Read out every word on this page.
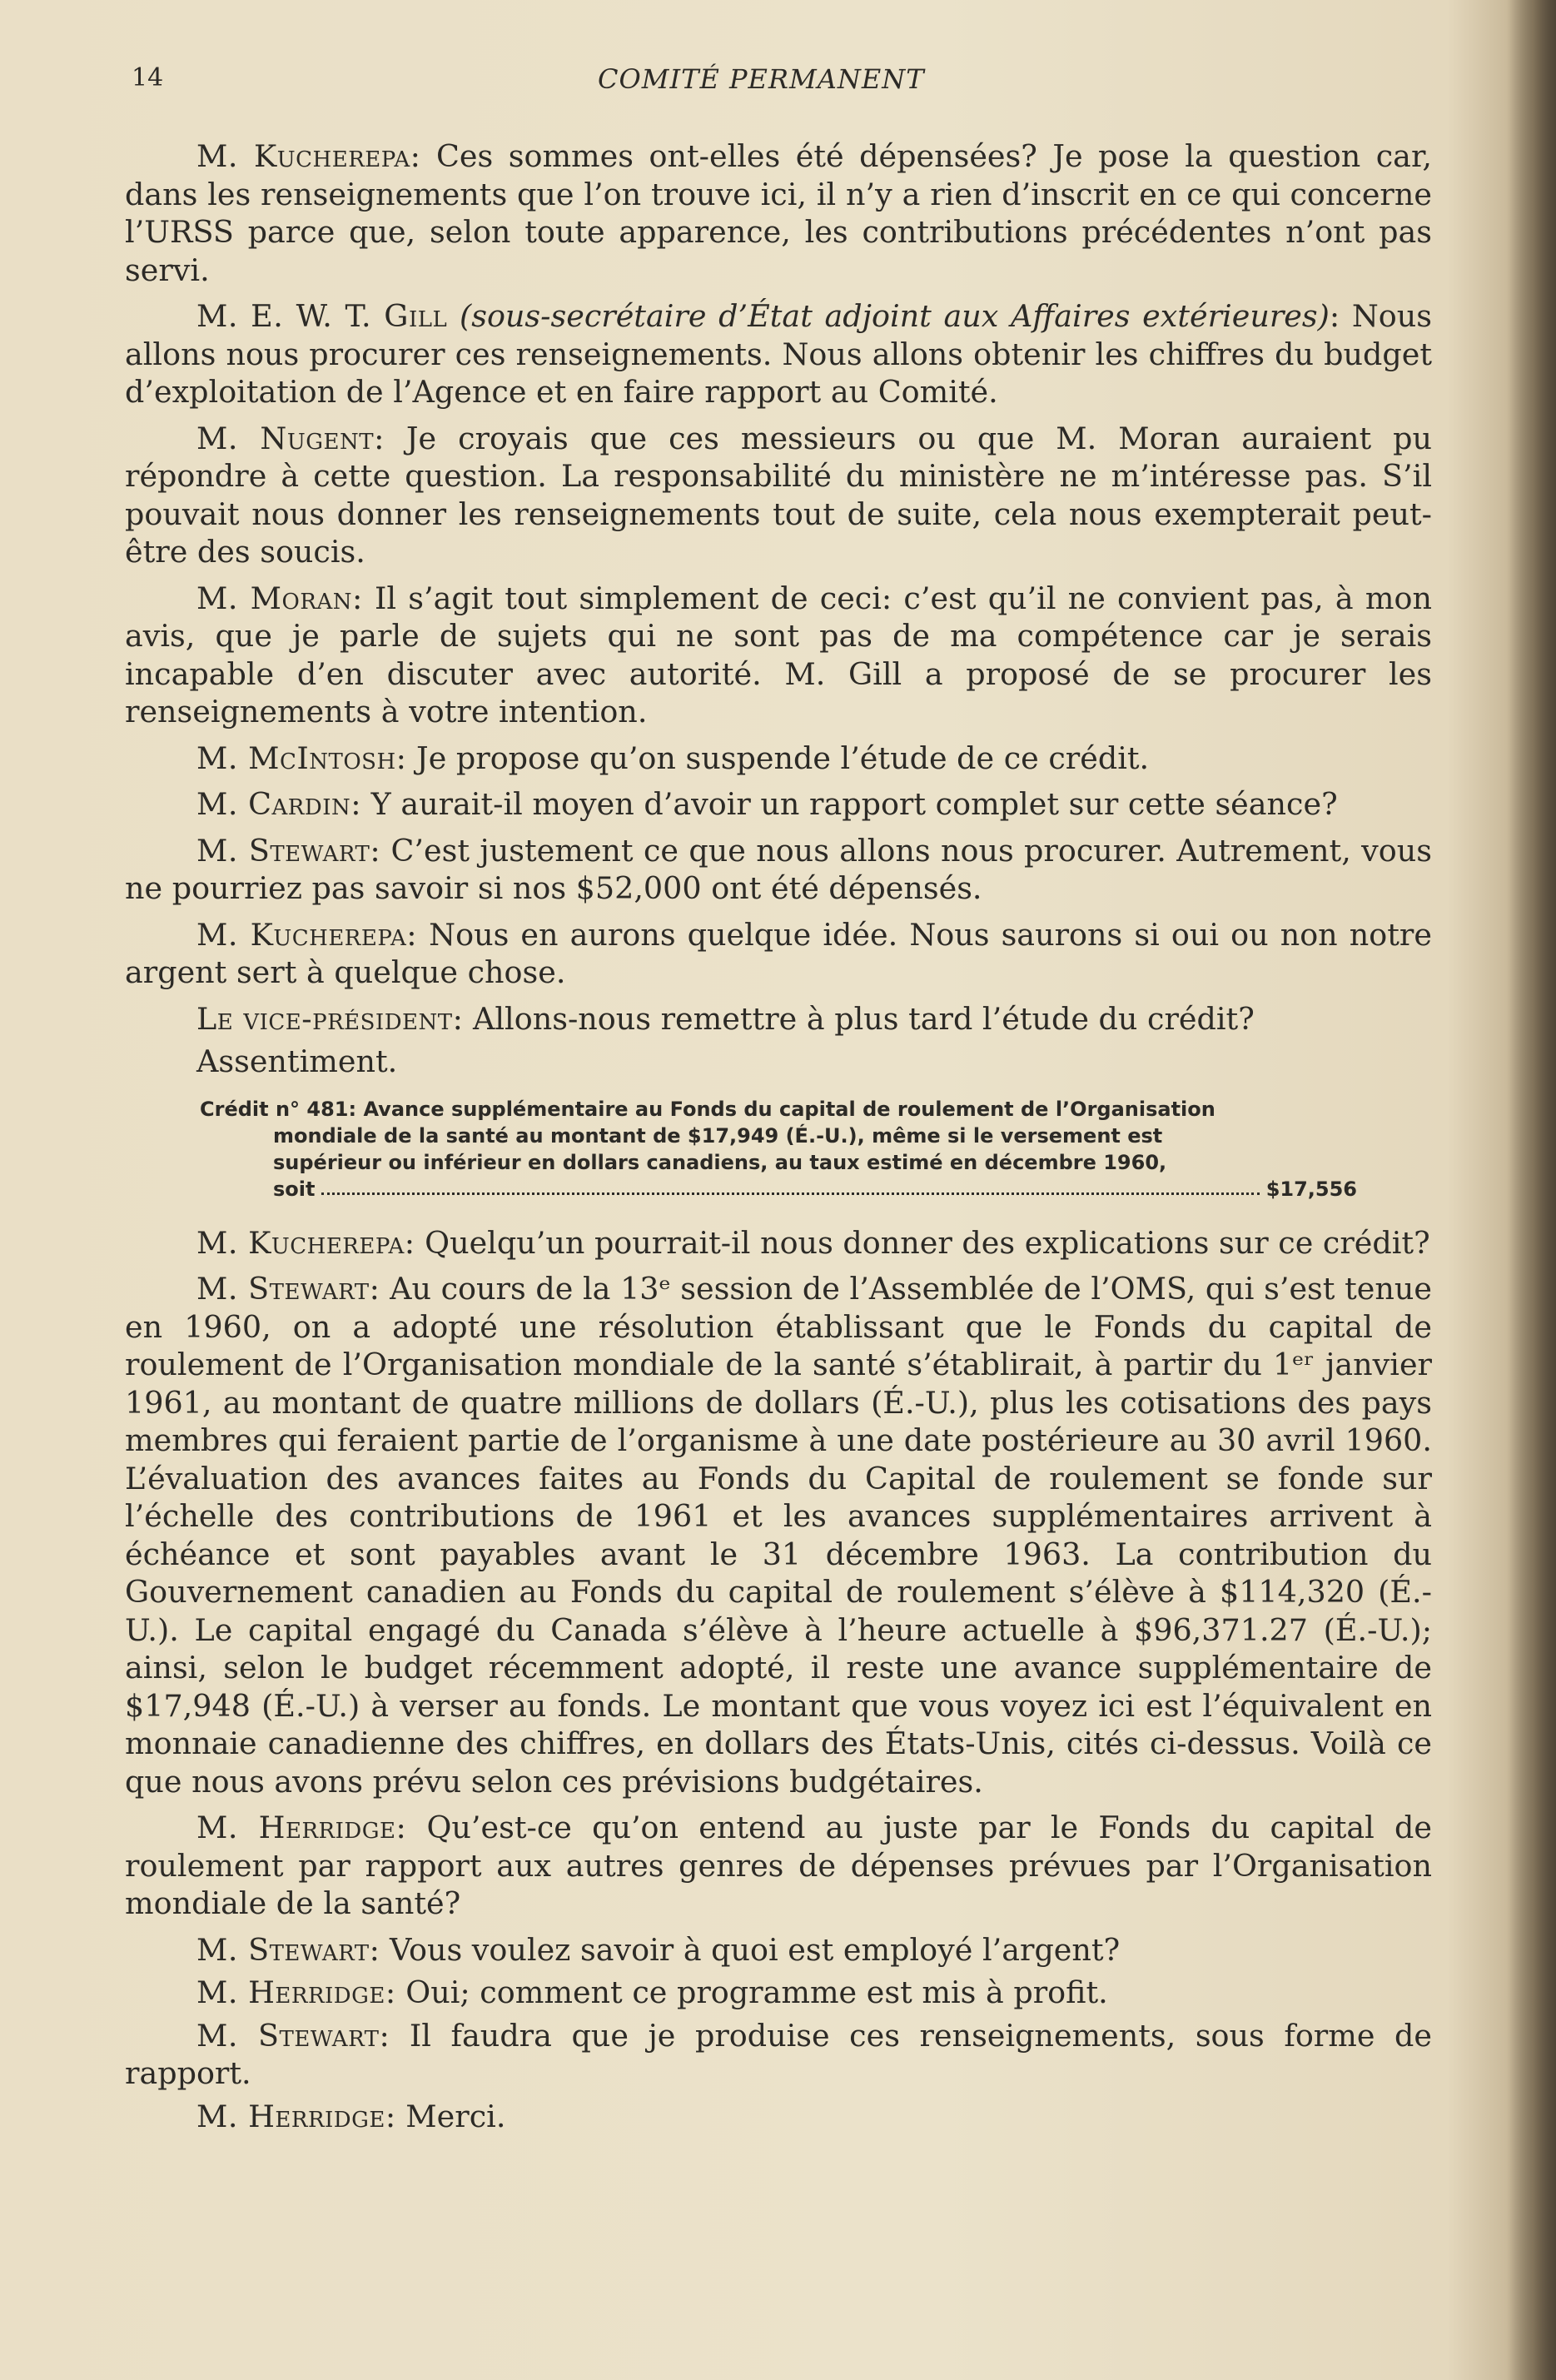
14	COMITÉ PERMANENT

M. Kucherepa: Ces sommes ont-elles été dépensées? Je pose la question car, dans les renseignements que l’on trouve ici, il n’y a rien d’inscrit en ce qui concerne l’URSS parce que, selon toute apparence, les contributions précédentes n’ont pas servi.

M. E. W. T. Gill (sous-secrétaire d’État adjoint aux Affaires extérieures): Nous allons nous procurer ces renseignements. Nous allons obtenir les chiffres du budget d’exploitation de l’Agence et en faire rapport au Comité.

M. Nugent: Je croyais que ces messieurs ou que M. Moran auraient pu répondre à cette question. La responsabilité du ministère ne m’intéresse pas. S’il pouvait nous donner les renseignements tout de suite, cela nous exempterait peut-être des soucis.

M. Moran: Il s’agit tout simplement de ceci: c’est qu’il ne convient pas, à mon avis, que je parle de sujets qui ne sont pas de ma compétence car je serais incapable d’en discuter avec autorité. M. Gill a proposé de se procurer les renseignements à votre intention.

M. McIntosh: Je propose qu’on suspende l’étude de ce crédit.

M. Cardin: Y aurait-il moyen d’avoir un rapport complet sur cette séance?

M. Stewart: C’est justement ce que nous allons nous procurer. Autrement, vous ne pourriez pas savoir si nos $52,000 ont été dépensés.

M. Kucherepa: Nous en aurons quelque idée. Nous saurons si oui ou non notre argent sert à quelque chose.

Le vice-président: Allons-nous remettre à plus tard l’étude du crédit?

Assentiment.

Crédit n° 481: Avance supplémentaire au Fonds du capital de roulement de l’Organisation
mondiale de la santé au montant de $17,949 (É.-U.), même si le versement est
supérieur ou inférieur en dollars canadiens, au taux estimé en décembre 1960,
soit	$17,556

M. Kucherepa: Quelqu’un pourrait-il nous donner des explications sur ce crédit?

M. Stewart: Au cours de la 13ᵉ session de l’Assemblée de l’OMS, qui s’est tenue en 1960, on a adopté une résolution établissant que le Fonds du capital de roulement de l’Organisation mondiale de la santé s’établirait, à partir du 1ᵉʳ janvier 1961, au montant de quatre millions de dollars (É.-U.), plus les cotisations des pays membres qui feraient partie de l’organisme à une date postérieure au 30 avril 1960. L’évaluation des avances faites au Fonds du Capital de roulement se fonde sur l’échelle des contributions de 1961 et les avances supplémentaires arrivent à échéance et sont payables avant le 31 décembre 1963. La contribution du Gouvernement canadien au Fonds du capital de roulement s’élève à $114,320 (É.-U.). Le capital engagé du Canada s’élève à l’heure actuelle à $96,371.27 (É.-U.); ainsi, selon le budget récemment adopté, il reste une avance supplémentaire de $17,948 (É.-U.) à verser au fonds. Le montant que vous voyez ici est l’équivalent en monnaie canadienne des chiffres, en dollars des États-Unis, cités ci-dessus. Voilà ce que nous avons prévu selon ces prévisions budgétaires.

M. Herridge: Qu’est-ce qu’on entend au juste par le Fonds du capital de roulement par rapport aux autres genres de dépenses prévues par l’Organisation mondiale de la santé?

M. Stewart: Vous voulez savoir à quoi est employé l’argent?

M. Herridge: Oui; comment ce programme est mis à profit.

M. Stewart: Il faudra que je produise ces renseignements, sous forme de rapport.

M. Herridge: Merci.
